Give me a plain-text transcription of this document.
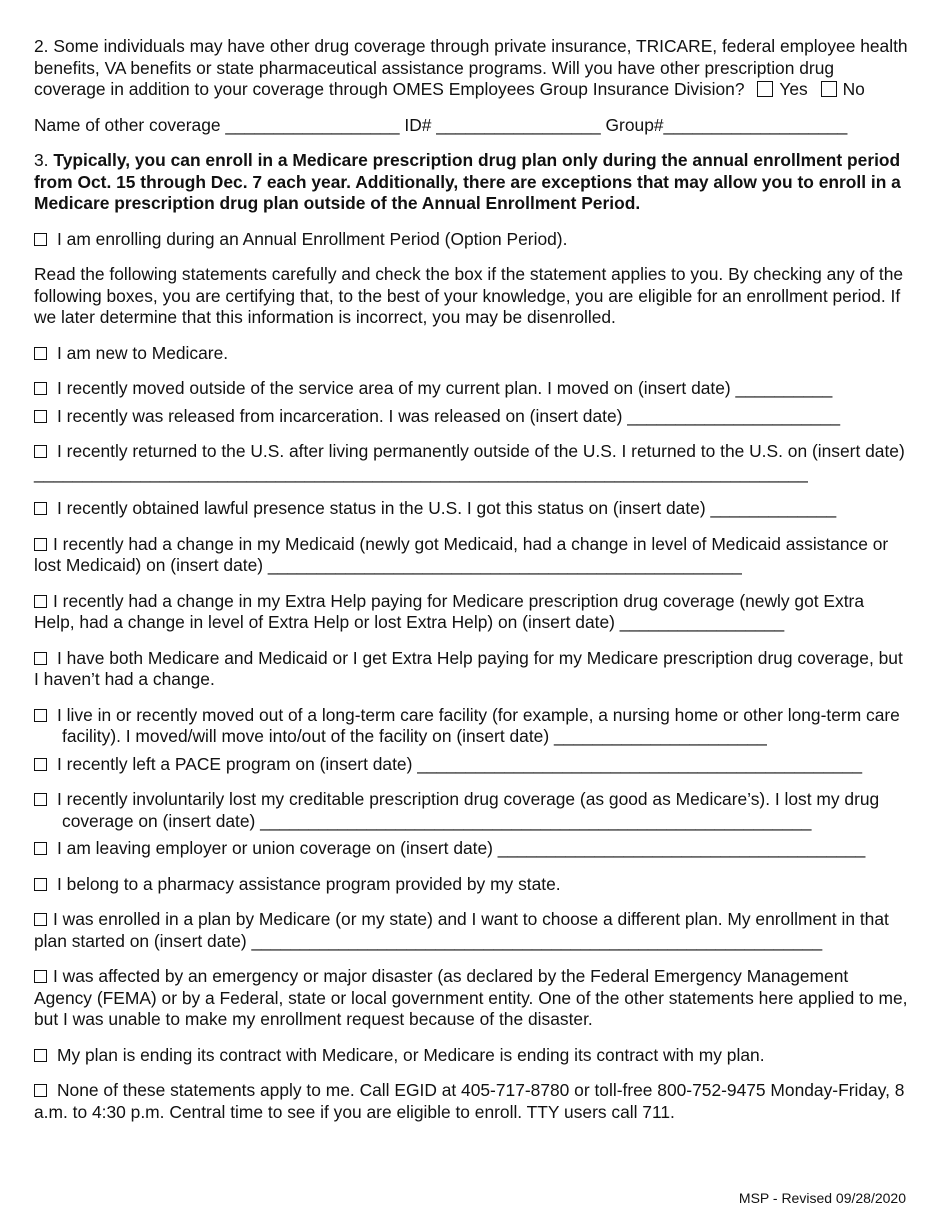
2. Some individuals may have other drug coverage through private insurance, TRICARE, federal employee health benefits, VA benefits or state pharmaceutical assistance programs. Will you have other prescription drug coverage in addition to your coverage through OMES Employees Group Insurance Division? Yes No

Name of other coverage __________________ ID# _________________ Group#___________________

3. Typically, you can enroll in a Medicare prescription drug plan only during the annual enrollment period from Oct. 15 through Dec. 7 each year. Additionally, there are exceptions that may allow you to enroll in a Medicare prescription drug plan outside of the Annual Enrollment Period.

I am enrolling during an Annual Enrollment Period (Option Period).

Read the following statements carefully and check the box if the statement applies to you. By checking any of the following boxes, you are certifying that, to the best of your knowledge, you are eligible for an enrollment period. If we later determine that this information is incorrect, you may be disenrolled.

I am new to Medicare.

I recently moved outside of the service area of my current plan. I moved on (insert date) __________

I recently was released from incarceration. I was released on (insert date) ______________________

I recently returned to the U.S. after living permanently outside of the U.S. I returned to the U.S. on (insert date) ________________________________________________________________________________

I recently obtained lawful presence status in the U.S. I got this status on (insert date) _____________

I recently had a change in my Medicaid (newly got Medicaid, had a change in level of Medicaid assistance or lost Medicaid) on (insert date) _________________________________________________

I recently had a change in my Extra Help paying for Medicare prescription drug coverage (newly got Extra Help, had a change in level of Extra Help or lost Extra Help) on (insert date) _________________

I have both Medicare and Medicaid or I get Extra Help paying for my Medicare prescription drug coverage, but I haven’t had a change.

I live in or recently moved out of a long-term care facility (for example, a nursing home or other long-term care facility). I moved/will move into/out of the facility on (insert date) ______________________

I recently left a PACE program on (insert date) ______________________________________________

I recently involuntarily lost my creditable prescription drug coverage (as good as Medicare’s). I lost my drug coverage on (insert date) _________________________________________________________

I am leaving employer or union coverage on (insert date) ______________________________________

I belong to a pharmacy assistance program provided by my state.

I was enrolled in a plan by Medicare (or my state) and I want to choose a different plan. My enrollment in that plan started on (insert date) ___________________________________________________________

I was affected by an emergency or major disaster (as declared by the Federal Emergency Management Agency (FEMA) or by a Federal, state or local government entity. One of the other statements here applied to me, but I was unable to make my enrollment request because of the disaster.

My plan is ending its contract with Medicare, or Medicare is ending its contract with my plan.

None of these statements apply to me. Call EGID at 405-717-8780 or toll-free 800-752-9475 Monday-Friday, 8 a.m. to 4:30 p.m. Central time to see if you are eligible to enroll. TTY users call 711.

MSP - Revised 09/28/2020
